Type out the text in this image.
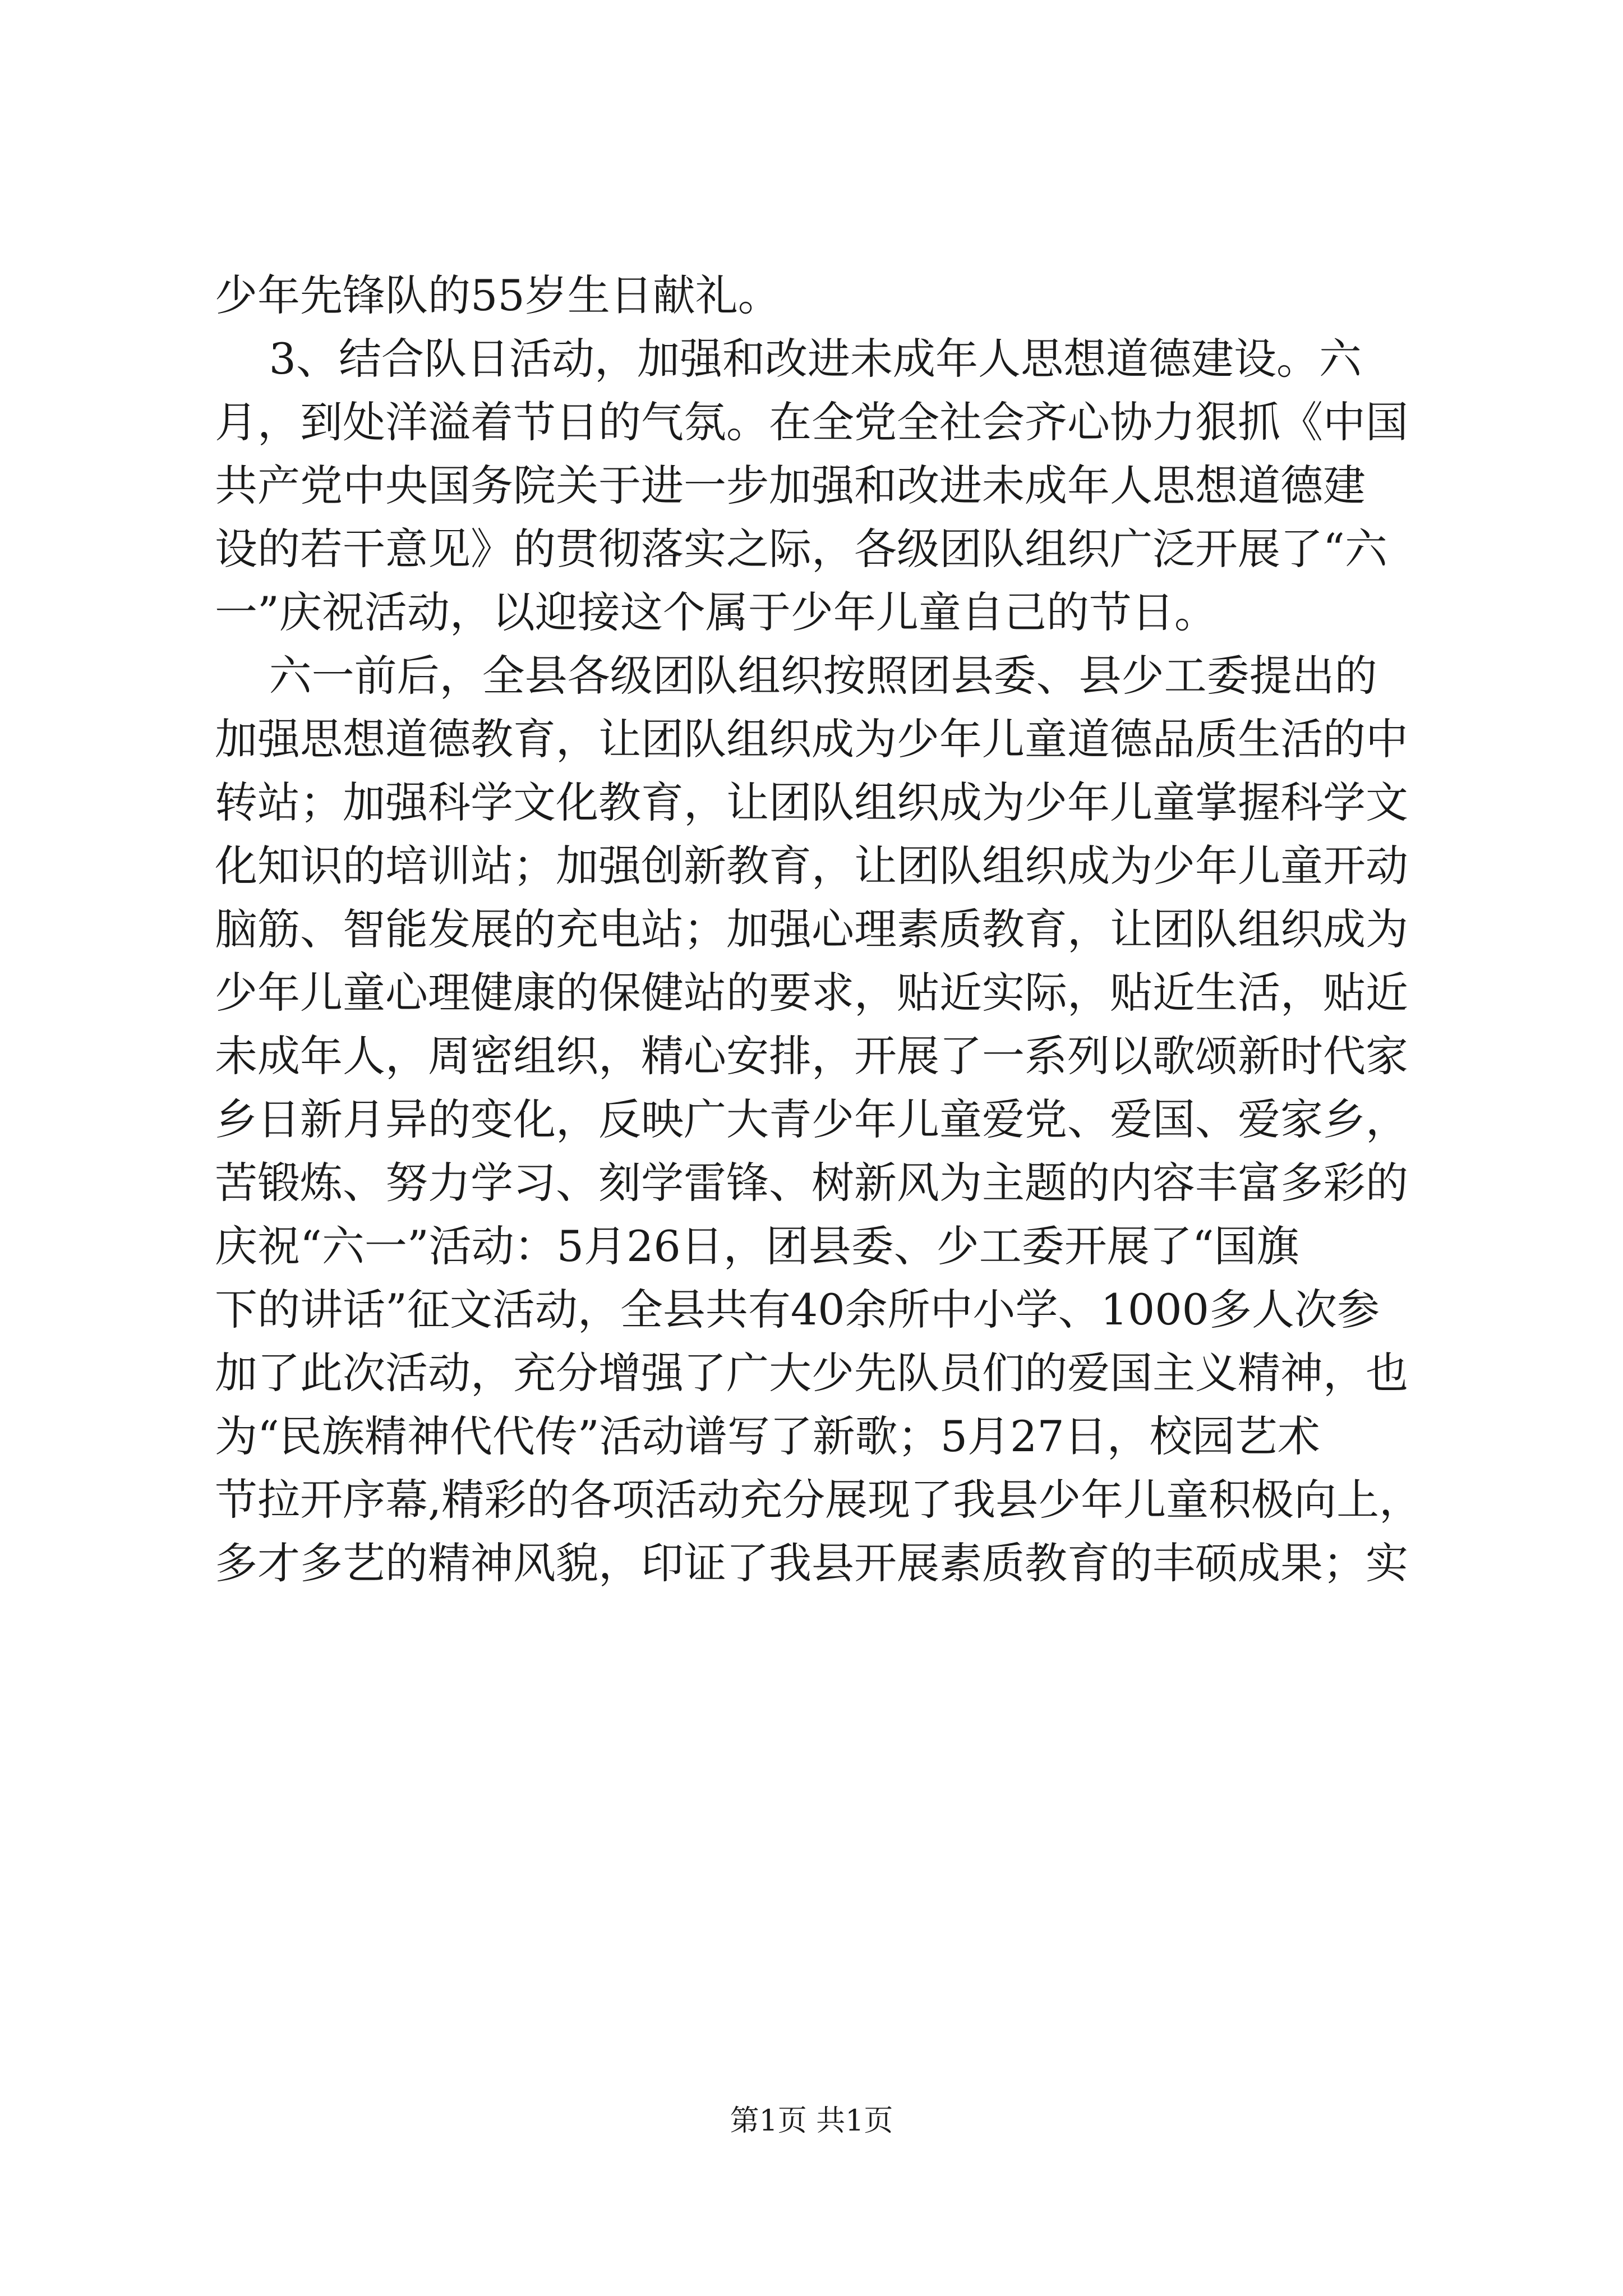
少年先锋队的55岁生日献礼。

3、结合队日活动，加强和改进未成年人思想道德建设。六

月，到处洋溢着节日的气氛。在全党全社会齐心协力狠抓《中国

共产党中央国务院关于进一步加强和改进未成年人思想道德建

设的若干意见》的贯彻落实之际，各级团队组织广泛开展了“六

一”庆祝活动，以迎接这个属于少年儿童自己的节日。

六一前后，全县各级团队组织按照团县委、县少工委提出的

加强思想道德教育，让团队组织成为少年儿童道德品质生活的中

转站；加强科学文化教育，让团队组织成为少年儿童掌握科学文

化知识的培训站；加强创新教育，让团队组织成为少年儿童开动

脑筋、智能发展的充电站；加强心理素质教育，让团队组织成为

少年儿童心理健康的保健站的要求，贴近实际，贴近生活，贴近

未成年人，周密组织，精心安排，开展了一系列以歌颂新时代家

乡日新月异的变化，反映广大青少年儿童爱党、爱国、爱家乡，

苦锻炼、努力学习、刻学雷锋、树新风为主题的内容丰富多彩的

庆祝“六一”活动：5月26日，团县委、少工委开展了“国旗

下的讲话”征文活动，全县共有40余所中小学、1000多人次参

加了此次活动，充分增强了广大少先队员们的爱国主义精神，也

为“民族精神代代传”活动谱写了新歌；5月27日，校园艺术

节拉开序幕,精彩的各项活动充分展现了我县少年儿童积极向上，

多才多艺的精神风貌，印证了我县开展素质教育的丰硕成果；实

第1页 共1页
